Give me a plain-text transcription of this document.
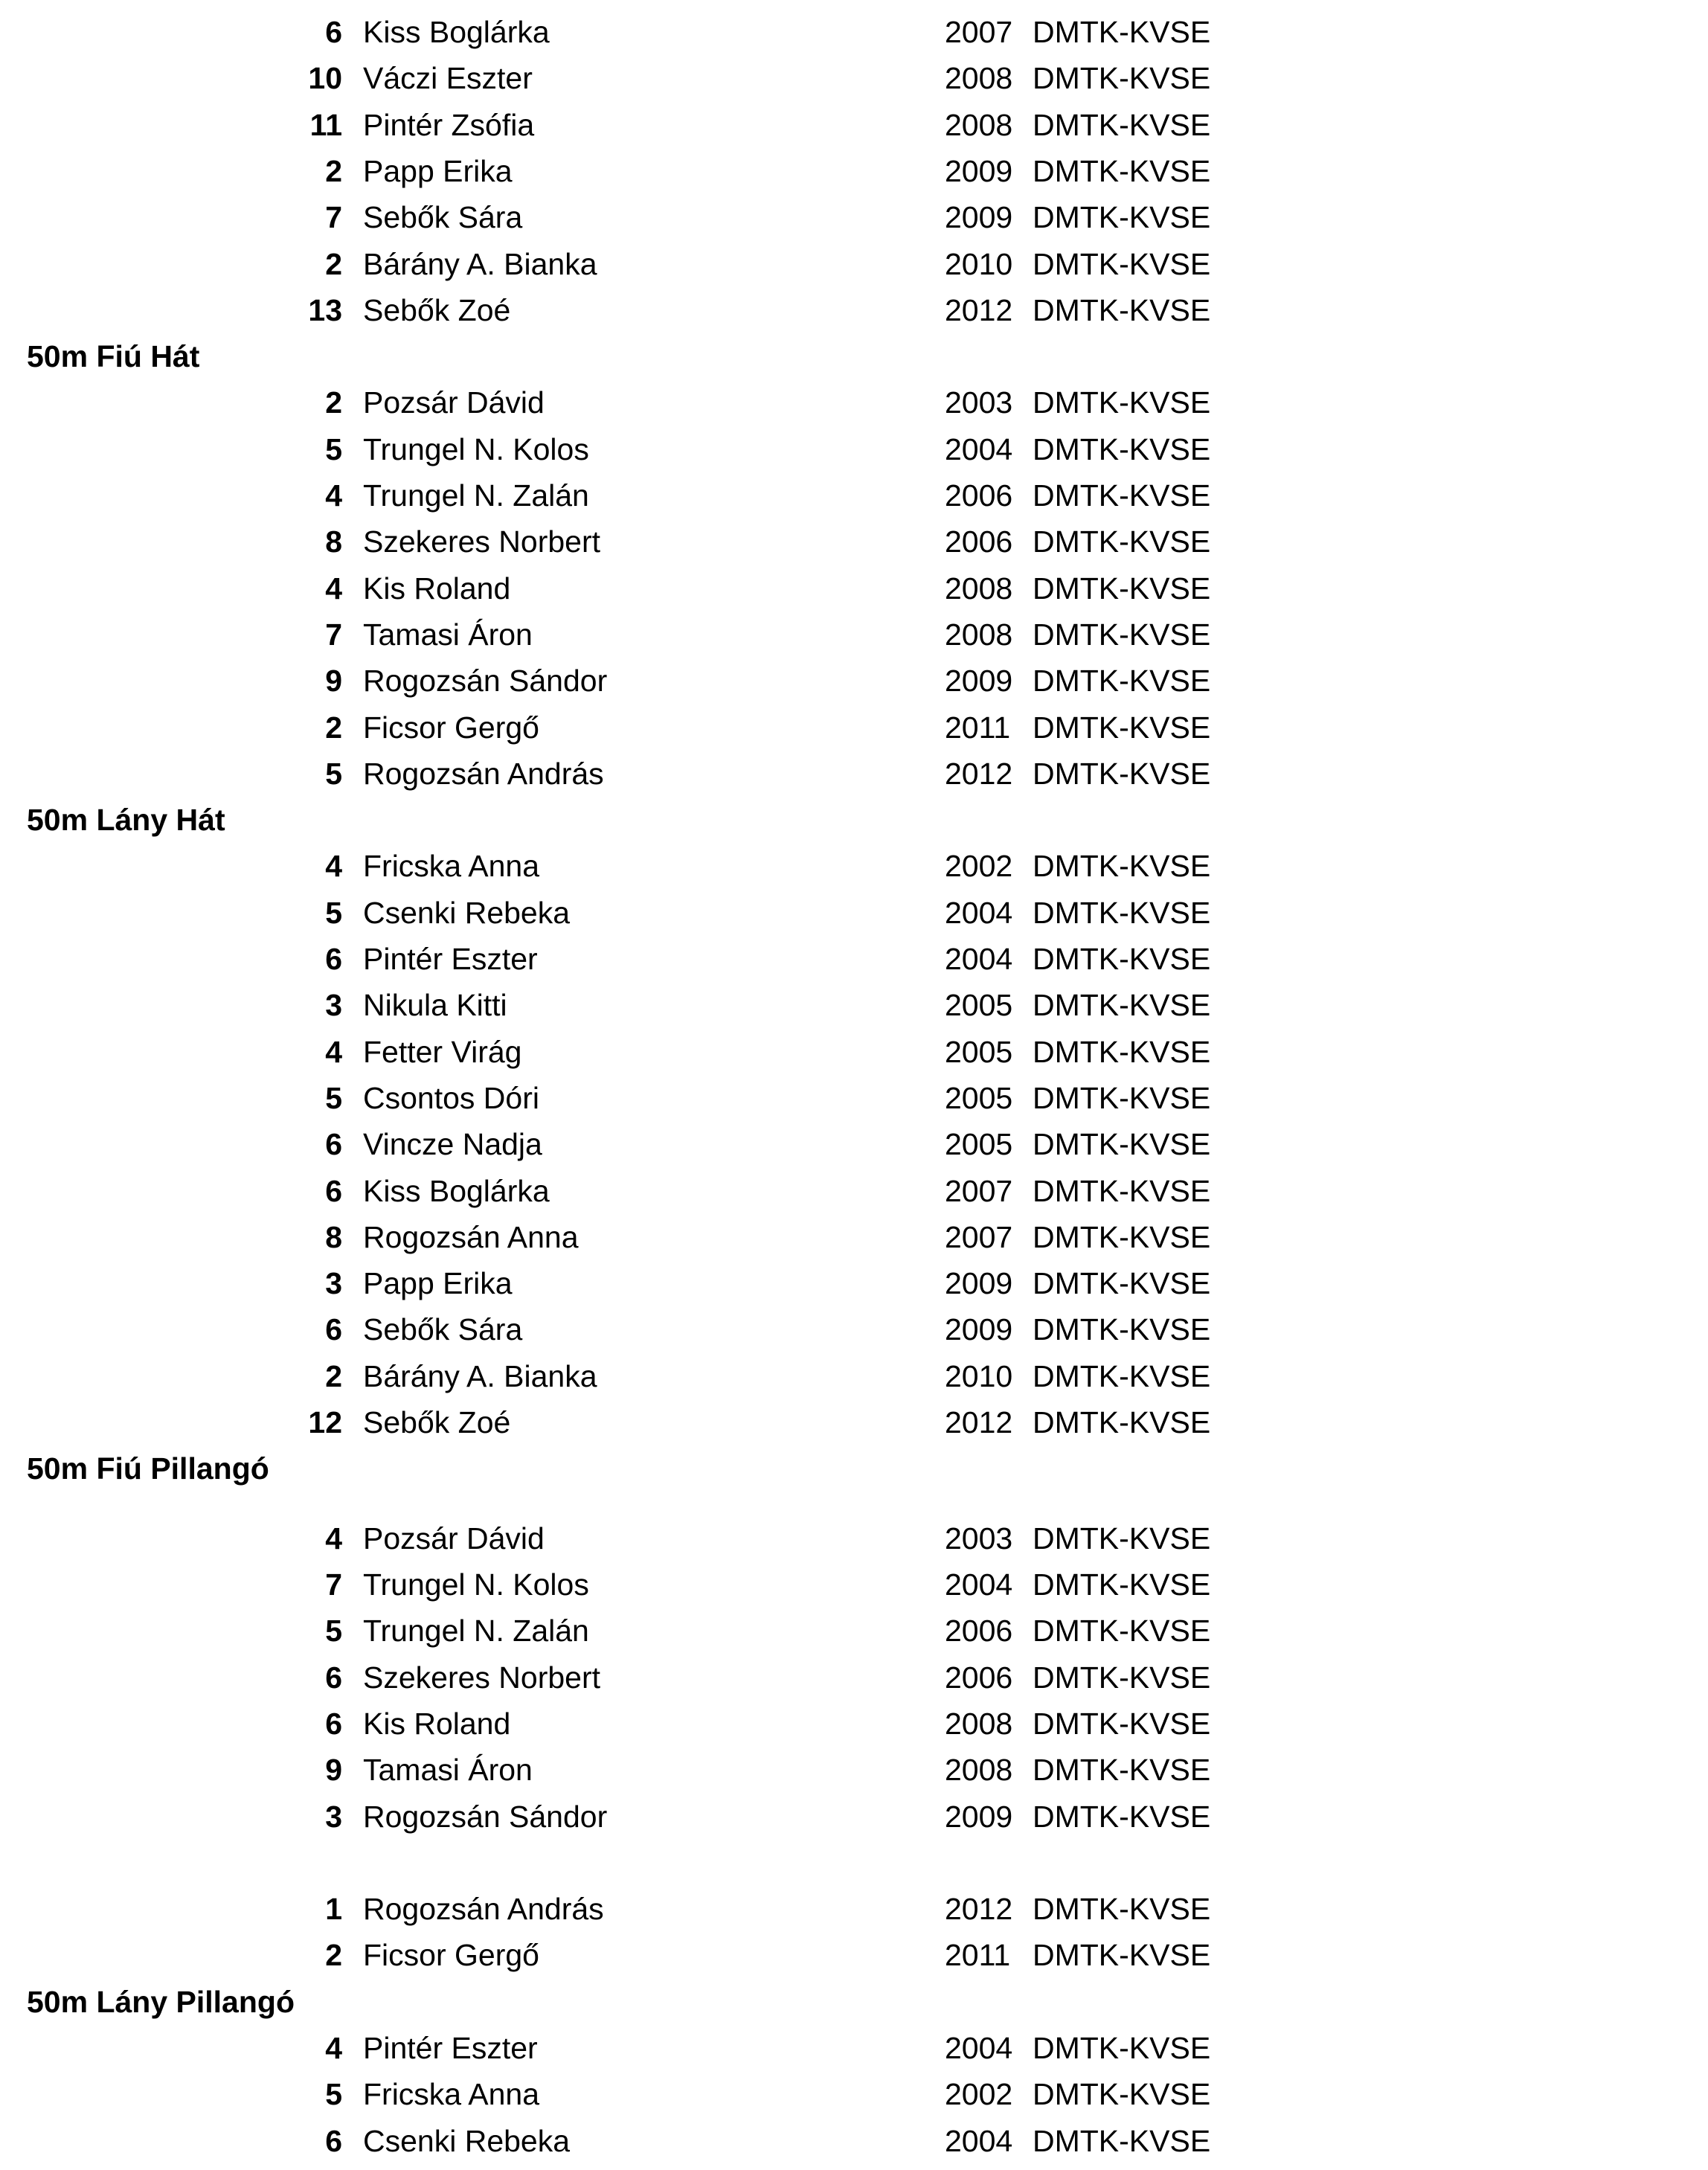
6 Kiss Boglárka	2007 DMTK-KVSE
10 Váczi Eszter	2008 DMTK-KVSE
11 Pintér Zsófia	2008 DMTK-KVSE
2 Papp Erika	2009 DMTK-KVSE
7 Sebők Sára	2009 DMTK-KVSE
2 Bárány A. Bianka	2010 DMTK-KVSE
13 Sebők Zoé	2012 DMTK-KVSE
50m Fiú Hát
2 Pozsár Dávid	2003 DMTK-KVSE
5 Trungel N. Kolos	2004 DMTK-KVSE
4 Trungel N. Zalán	2006 DMTK-KVSE
8 Szekeres Norbert	2006 DMTK-KVSE
4 Kis Roland	2008 DMTK-KVSE
7 Tamasi Áron	2008 DMTK-KVSE
9 Rogozsán Sándor	2009 DMTK-KVSE
2 Ficsor Gergő	2011 DMTK-KVSE
5 Rogozsán András	2012 DMTK-KVSE
50m Lány Hát
4 Fricska Anna	2002 DMTK-KVSE
5 Csenki Rebeka	2004 DMTK-KVSE
6 Pintér Eszter	2004 DMTK-KVSE
3 Nikula Kitti	2005 DMTK-KVSE
4 Fetter Virág	2005 DMTK-KVSE
5 Csontos Dóri	2005 DMTK-KVSE
6 Vincze Nadja	2005 DMTK-KVSE
6 Kiss Boglárka	2007 DMTK-KVSE
8 Rogozsán Anna	2007 DMTK-KVSE
3 Papp Erika	2009 DMTK-KVSE
6 Sebők Sára	2009 DMTK-KVSE
2 Bárány A. Bianka	2010 DMTK-KVSE
12 Sebők Zoé	2012 DMTK-KVSE
50m Fiú Pillangó
4 Pozsár Dávid	2003 DMTK-KVSE
7 Trungel N. Kolos	2004 DMTK-KVSE
5 Trungel N. Zalán	2006 DMTK-KVSE
6 Szekeres Norbert	2006 DMTK-KVSE
6 Kis Roland	2008 DMTK-KVSE
9 Tamasi Áron	2008 DMTK-KVSE
3 Rogozsán Sándor	2009 DMTK-KVSE
1 Rogozsán András	2012 DMTK-KVSE
2 Ficsor Gergő	2011 DMTK-KVSE
50m Lány Pillangó
4 Pintér Eszter	2004 DMTK-KVSE
5 Fricska Anna	2002 DMTK-KVSE
6 Csenki Rebeka	2004 DMTK-KVSE
